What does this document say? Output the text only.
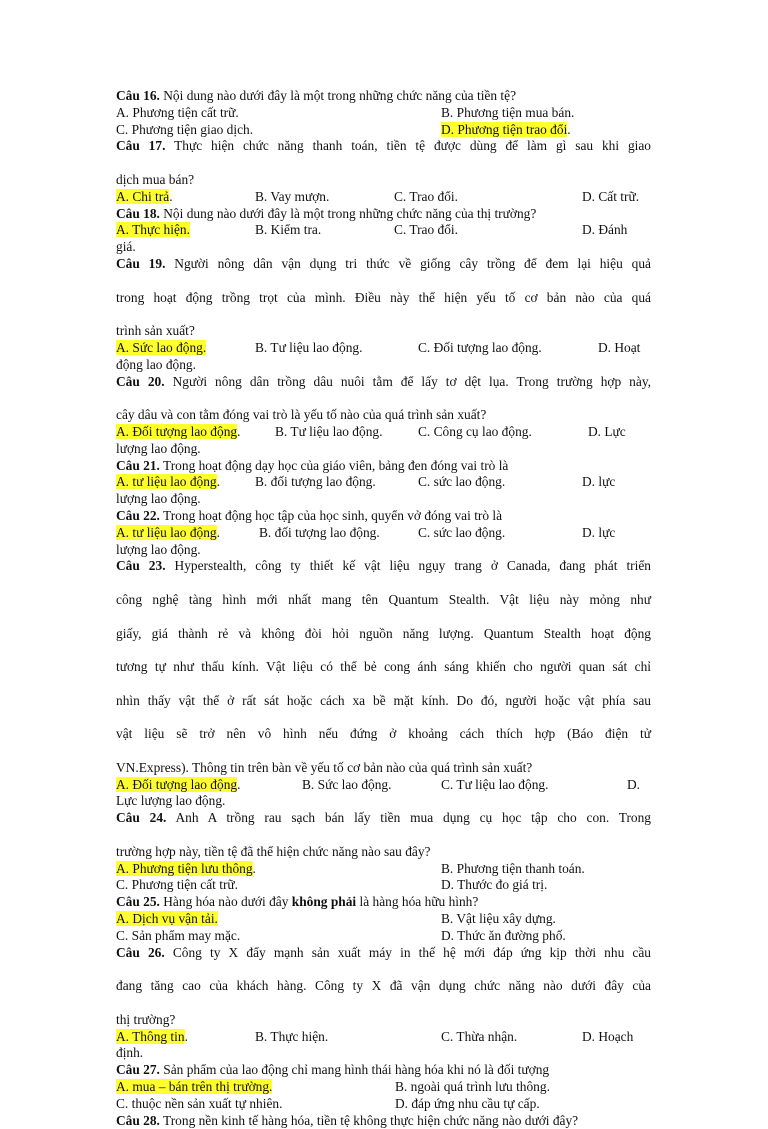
Câu 16. Nội dung nào dưới đây là một trong những chức năng của tiền tệ?
A. Phương tiện cất trữ.	B. Phương tiện mua bán.
C. Phương tiện giao dịch.	D. Phương tiện trao đổi.
Câu 17. Thực hiện chức năng thanh toán, tiền tệ được dùng để làm gì sau khi giao
dịch mua bán?
A. Chi trả.	B. Vay mượn.	C. Trao đổi.	D. Cất trữ.
Câu 18. Nội dung nào dưới đây là một trong những chức năng của thị trường?
A. Thực hiện.	B. Kiểm tra.	C. Trao đổi.	D. Đánh
giá.
Câu 19. Người nông dân vận dụng tri thức về giống cây trồng để đem lại hiệu quả
trong hoạt động trồng trọt của mình. Điều này thể hiện yếu tố cơ bản nào của quá
trình sản xuất?
A. Sức lao động.	B. Tư liệu lao động.	C. Đối tượng lao động.	D. Hoạt
động lao động.
Câu 20. Người nông dân trồng dâu nuôi tằm để lấy tơ dệt lụa. Trong trường hợp này,
cây dâu và con tằm đóng vai trò là yếu tố nào của quá trình sản xuất?
A. Đối tượng lao động.	B. Tư liệu lao động.	C. Công cụ lao động.	D. Lực
lượng lao động.
Câu 21. Trong hoạt động dạy học của giáo viên, bảng đen đóng vai trò là
A. tư liệu lao động.	B. đối tượng lao động.	C. sức lao động.	D. lực
lượng lao động.
Câu 22. Trong hoạt động học tập của học sinh, quyển vở đóng vai trò là
A. tư liệu lao động.	B. đối tượng lao động.	C. sức lao động.	D. lực
lượng lao động.
Câu 23. Hyperstealth, công ty thiết kế vật liệu ngụy trang ở Canada, đang phát triển
công nghệ tàng hình mới nhất mang tên Quantum Stealth. Vật liệu này mỏng như
giấy, giá thành rẻ và không đòi hỏi nguồn năng lượng. Quantum Stealth hoạt động
tương tự như thấu kính. Vật liệu có thể bẻ cong ánh sáng khiến cho người quan sát chỉ
nhìn thấy vật thể ở rất sát hoặc cách xa bề mặt kính. Do đó, người hoặc vật phía sau
vật liệu sẽ trở nên vô hình nếu đứng ở khoảng cách thích hợp (Báo điện tử
VN.Express). Thông tin trên bàn về yếu tố cơ bản nào của quá trình sản xuất?
A. Đối tượng lao động.	B. Sức lao động.	C. Tư liệu lao động.	D.
Lực lượng lao động.
Câu 24. Anh A trồng rau sạch bán lấy tiền mua dụng cụ học tập cho con. Trong
trường hợp này, tiền tệ đã thể hiện chức năng nào sau đây?
A. Phương tiện lưu thông.	B. Phương tiện thanh toán.
C. Phương tiện cất trữ.	D. Thước đo giá trị.
Câu 25. Hàng hóa nào dưới đây không phải là hàng hóa hữu hình?
A. Dịch vụ vận tải.	B. Vật liệu xây dựng.
C. Sản phẩm may mặc.	D. Thức ăn đường phố.
Câu 26. Công ty X đẩy mạnh sản xuất máy in thế hệ mới đáp ứng kịp thời nhu cầu
đang tăng cao của khách hàng. Công ty X đã vận dụng chức năng nào dưới đây của
thị trường?
A. Thông tin.	B. Thực hiện.	C. Thừa nhận.	D. Hoạch
định.
Câu 27. Sản phẩm của lao động chỉ mang hình thái hàng hóa khi nó là đối tượng
A. mua – bán trên thị trường.	B. ngoài quá trình lưu thông.
C. thuộc nền sản xuất tự nhiên.	D. đáp ứng nhu cầu tự cấp.
Câu 28. Trong nền kinh tế hàng hóa, tiền tệ không thực hiện chức năng nào dưới đây?
